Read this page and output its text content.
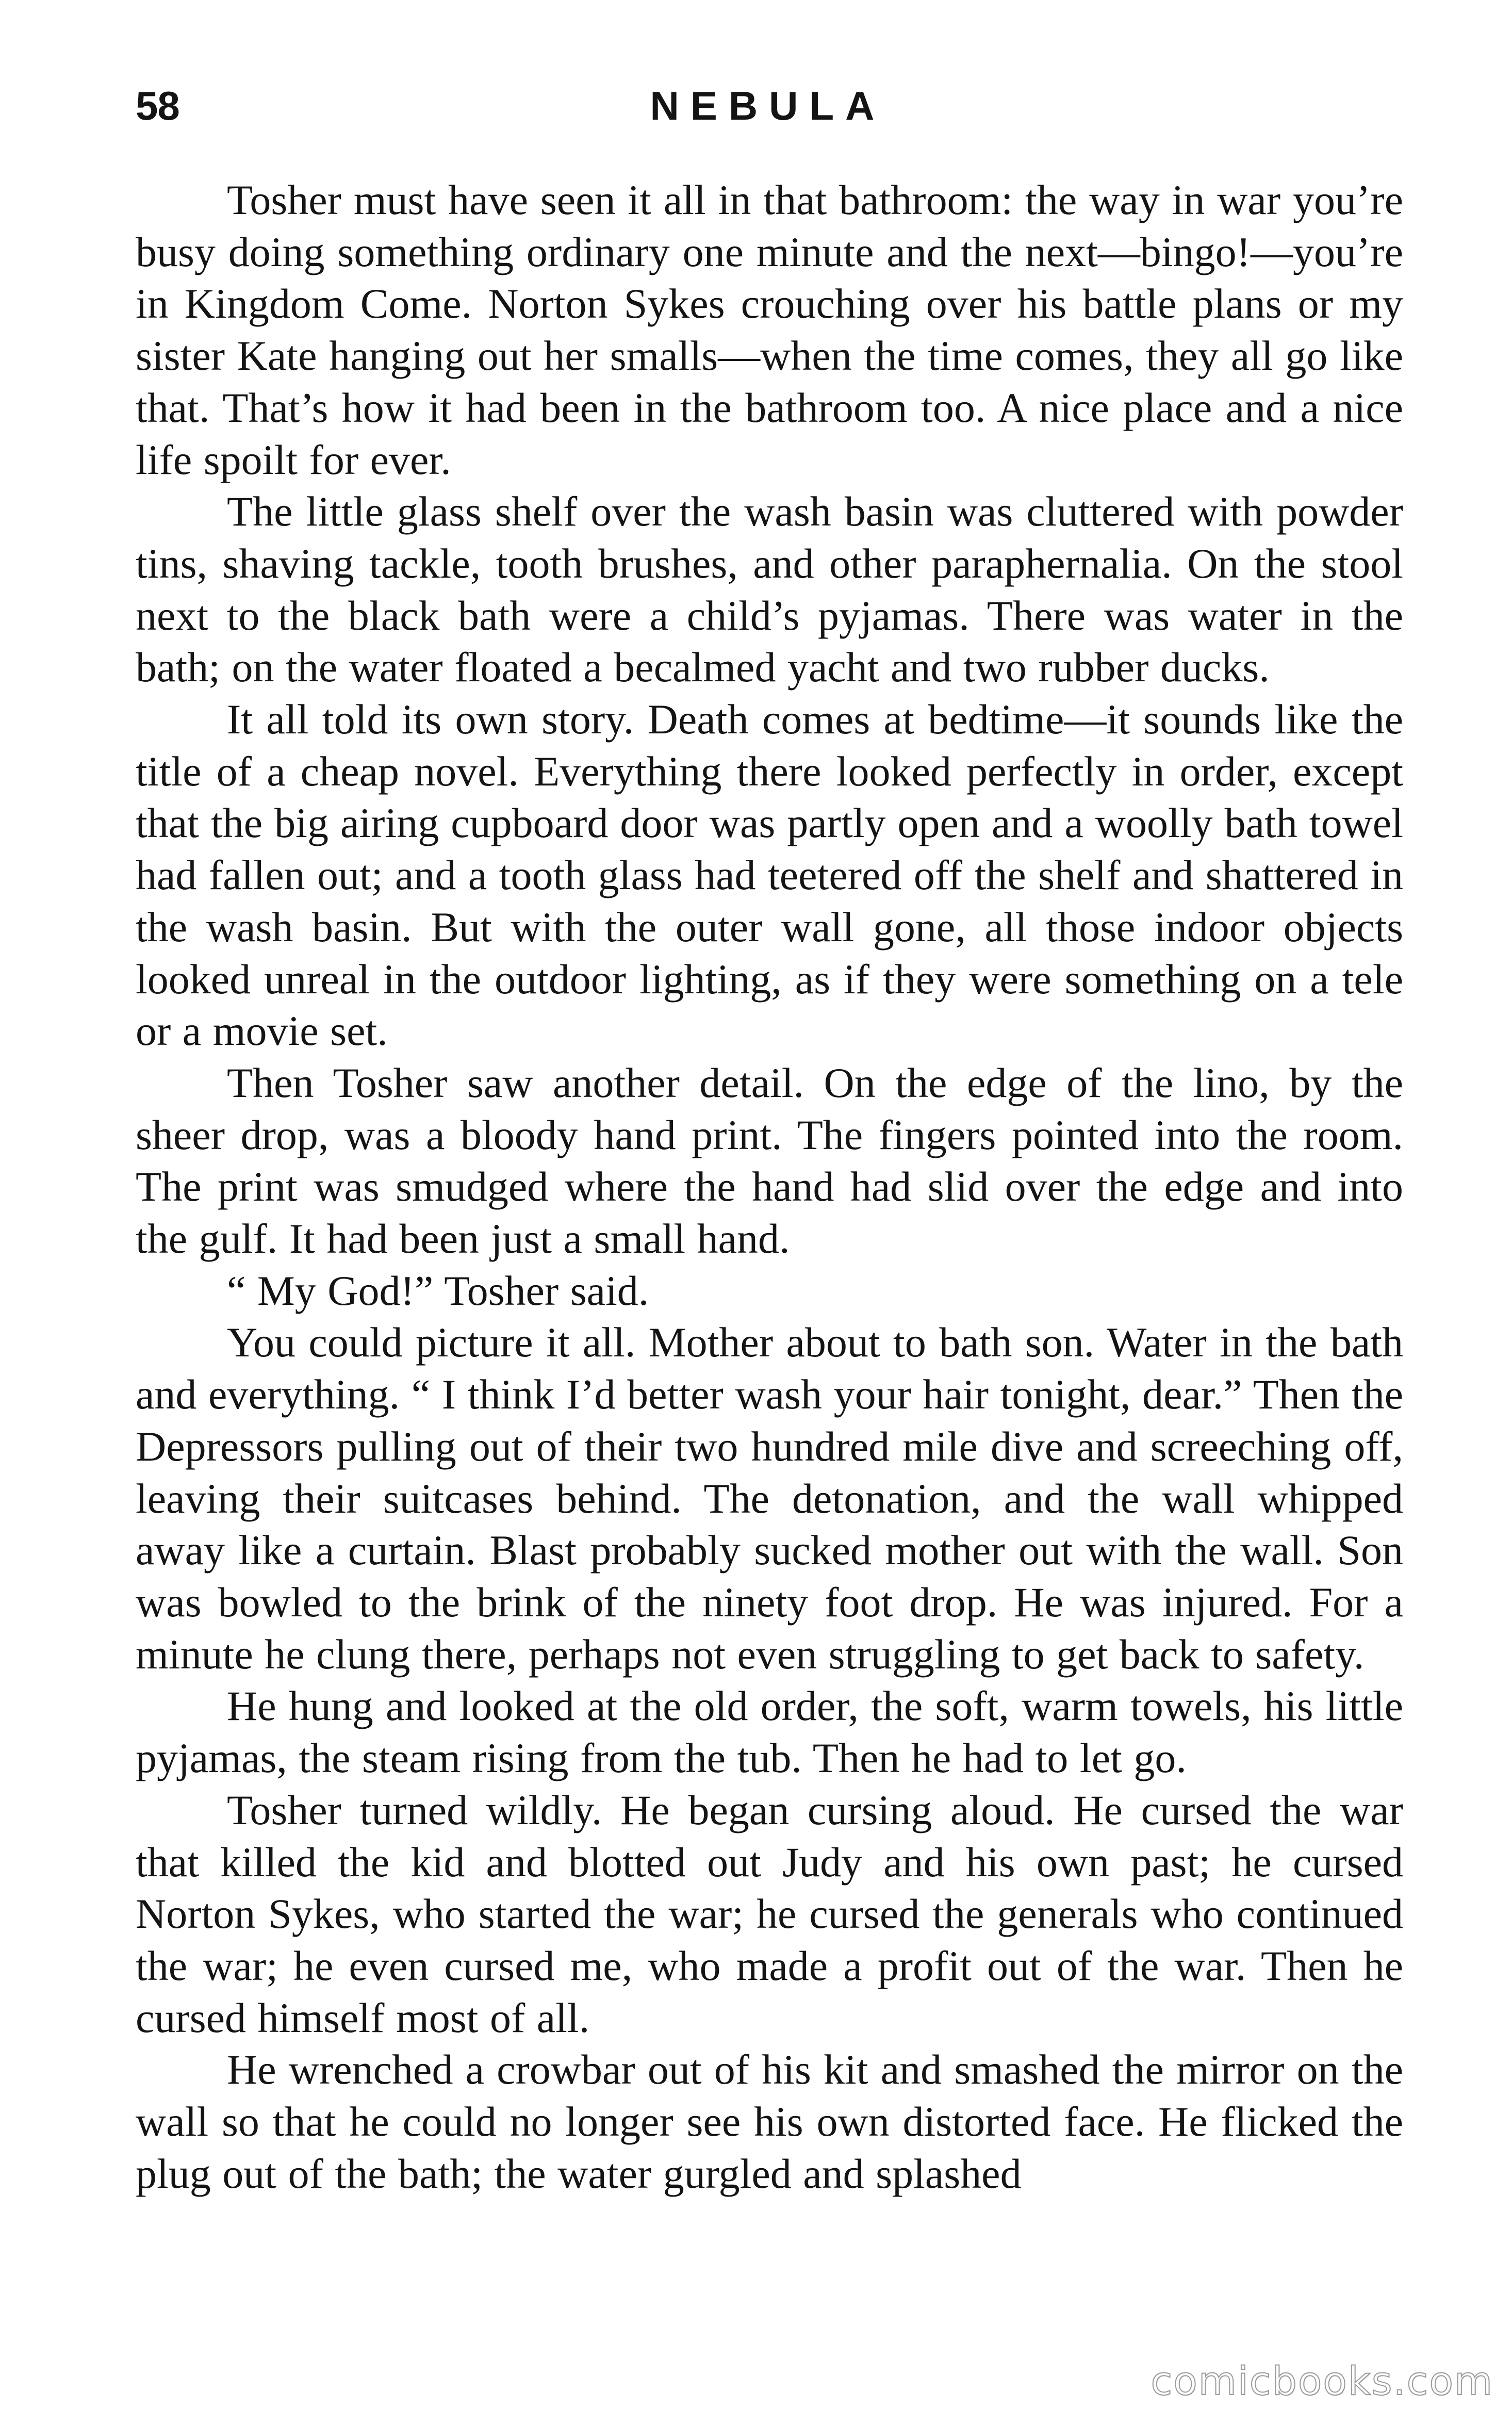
58	NEBULA

Tosher must have seen it all in that bathroom: the way in war you’re busy doing something ordinary one minute and the next—bingo!—you’re in Kingdom Come. Norton Sykes crouching over his battle plans or my sister Kate hanging out her smalls—when the time comes, they all go like that. That’s how it had been in the bathroom too. A nice place and a nice life spoilt for ever.

The little glass shelf over the wash basin was cluttered with powder tins, shaving tackle, tooth brushes, and other paraphernalia. On the stool next to the black bath were a child’s pyjamas. There was water in the bath; on the water floated a becalmed yacht and two rubber ducks.

It all told its own story. Death comes at bedtime—it sounds like the title of a cheap novel. Everything there looked perfectly in order, except that the big airing cupboard door was partly open and a woolly bath towel had fallen out; and a tooth glass had teetered off the shelf and shattered in the wash basin. But with the outer wall gone, all those indoor objects looked unreal in the outdoor lighting, as if they were something on a tele or a movie set.

Then Tosher saw another detail. On the edge of the lino, by the sheer drop, was a bloody hand print. The fingers pointed into the room. The print was smudged where the hand had slid over the edge and into the gulf. It had been just a small hand.

“ My God!” Tosher said.

You could picture it all. Mother about to bath son. Water in the bath and everything. “ I think I’d better wash your hair tonight, dear.” Then the Depressors pulling out of their two hundred mile dive and screeching off, leaving their suitcases behind. The detonation, and the wall whipped away like a curtain. Blast probably sucked mother out with the wall. Son was bowled to the brink of the ninety foot drop. He was injured. For a minute he clung there, perhaps not even struggling to get back to safety.

He hung and looked at the old order, the soft, warm towels, his little pyjamas, the steam rising from the tub. Then he had to let go.

Tosher turned wildly. He began cursing aloud. He cursed the war that killed the kid and blotted out Judy and his own past; he cursed Norton Sykes, who started the war; he cursed the generals who continued the war; he even cursed me, who made a profit out of the war. Then he cursed himself most of all.

He wrenched a crowbar out of his kit and smashed the mirror on the wall so that he could no longer see his own distorted face. He flicked the plug out of the bath; the water gurgled and splashed

comicbooks.com
